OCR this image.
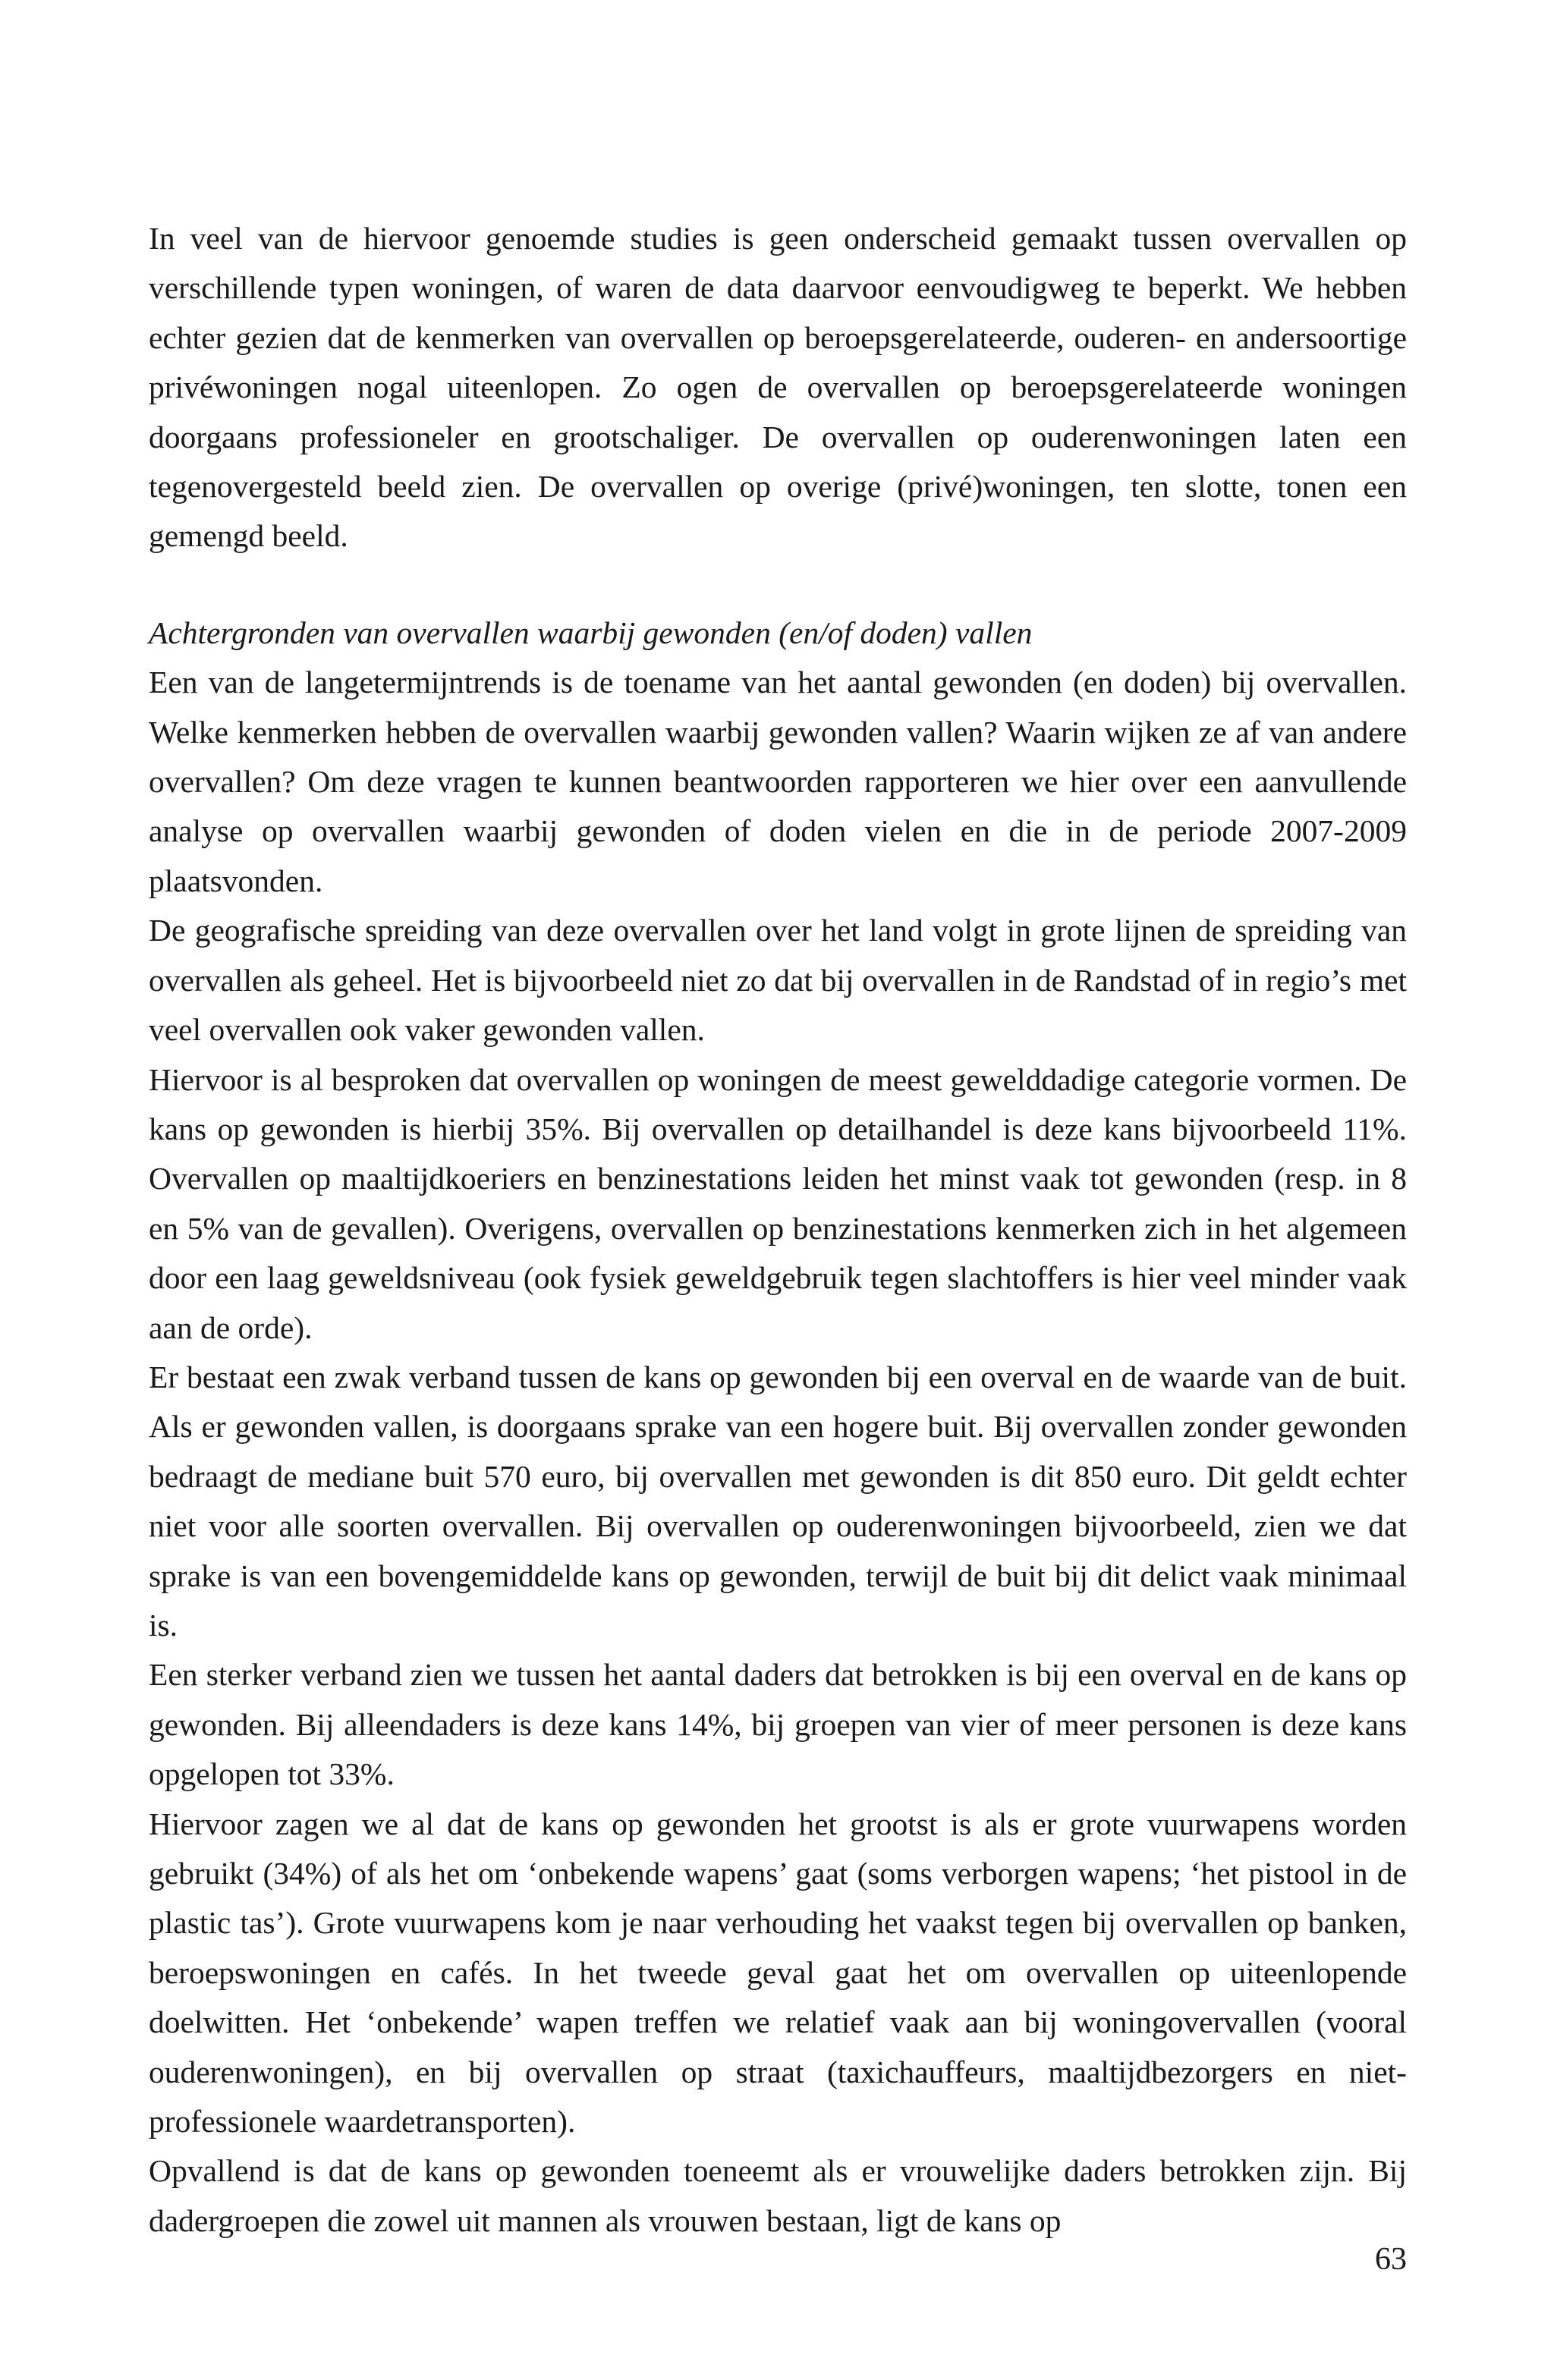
In veel van de hiervoor genoemde studies is geen onderscheid gemaakt tussen overvallen op verschillende typen woningen, of waren de data daarvoor eenvoudigweg te beperkt. We hebben echter gezien dat de kenmerken van overvallen op beroepsgerelateerde, ouderen- en andersoortige privéwoningen nogal uiteenlopen. Zo ogen de overvallen op beroepsgerelateerde woningen doorgaans professioneler en grootschaliger. De overvallen op ouderenwoningen laten een tegenovergesteld beeld zien. De overvallen op overige (privé)woningen, ten slotte, tonen een gemengd beeld.

Achtergronden van overvallen waarbij gewonden (en/of doden) vallen

Een van de langetermijntrends is de toename van het aantal gewonden (en doden) bij overvallen. Welke kenmerken hebben de overvallen waarbij gewonden vallen? Waarin wijken ze af van andere overvallen? Om deze vragen te kunnen beantwoorden rapporteren we hier over een aanvullende analyse op overvallen waarbij gewonden of doden vielen en die in de periode 2007-2009 plaatsvonden.

De geografische spreiding van deze overvallen over het land volgt in grote lijnen de spreiding van overvallen als geheel. Het is bijvoorbeeld niet zo dat bij overvallen in de Randstad of in regio’s met veel overvallen ook vaker gewonden vallen.

Hiervoor is al besproken dat overvallen op woningen de meest gewelddadige categorie vormen. De kans op gewonden is hierbij 35%. Bij overvallen op detailhandel is deze kans bijvoorbeeld 11%. Overvallen op maaltijdkoeriers en benzinestations leiden het minst vaak tot gewonden (resp. in 8 en 5% van de gevallen). Overigens, overvallen op benzinestations kenmerken zich in het algemeen door een laag geweldsniveau (ook fysiek geweldgebruik tegen slachtoffers is hier veel minder vaak aan de orde).

Er bestaat een zwak verband tussen de kans op gewonden bij een overval en de waarde van de buit. Als er gewonden vallen, is doorgaans sprake van een hogere buit. Bij overvallen zonder gewonden bedraagt de mediane buit 570 euro, bij overvallen met gewonden is dit 850 euro. Dit geldt echter niet voor alle soorten overvallen. Bij overvallen op ouderenwoningen bijvoorbeeld, zien we dat sprake is van een bovengemiddelde kans op gewonden, terwijl de buit bij dit delict vaak minimaal is.

Een sterker verband zien we tussen het aantal daders dat betrokken is bij een overval en de kans op gewonden. Bij alleendaders is deze kans 14%, bij groepen van vier of meer personen is deze kans opgelopen tot 33%.

Hiervoor zagen we al dat de kans op gewonden het grootst is als er grote vuurwapens worden gebruikt (34%) of als het om ‘onbekende wapens’ gaat (soms verborgen wapens; ‘het pistool in de plastic tas’). Grote vuurwapens kom je naar verhouding het vaakst tegen bij overvallen op banken, beroepswoningen en cafés. In het tweede geval gaat het om overvallen op uiteenlopende doelwitten. Het ‘onbekende’ wapen treffen we relatief vaak aan bij woningovervallen (vooral ouderenwoningen), en bij overvallen op straat (taxichauffeurs, maaltijdbezorgers en niet-professionele waardetransporten).

Opvallend is dat de kans op gewonden toeneemt als er vrouwelijke daders betrokken zijn. Bij dadergroepen die zowel uit mannen als vrouwen bestaan, ligt de kans op

63
